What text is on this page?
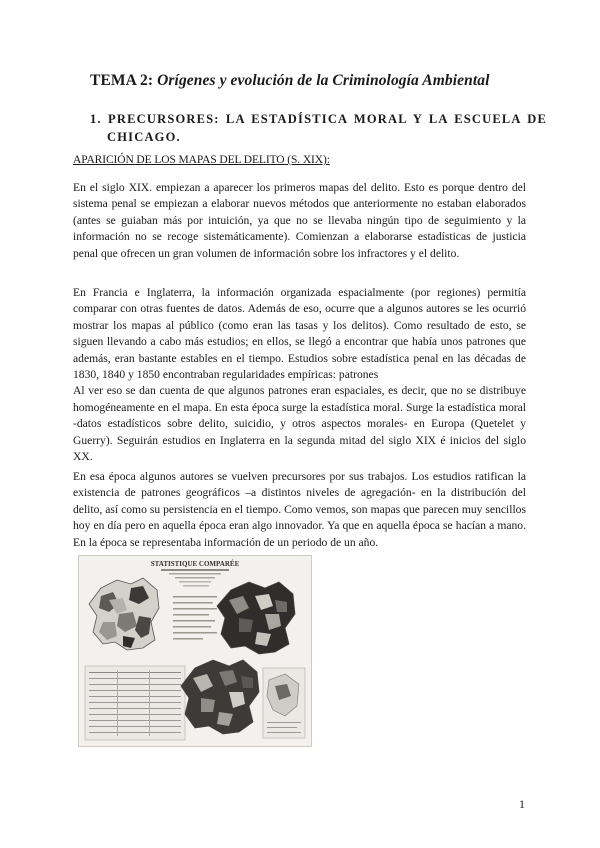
TEMA 2: Orígenes y evolución de la Criminología Ambiental
1. PRECURSORES: LA ESTADÍSTICA MORAL Y LA ESCUELA DE CHICAGO.
APARICIÓN DE LOS MAPAS DEL DELITO (S. XIX):

En el siglo XIX. empiezan a aparecer los primeros mapas del delito. Esto es porque dentro del sistema penal se empiezan a elaborar nuevos métodos que anteriormente no estaban elaborados (antes se guiaban más por intuición, ya que no se llevaba ningún tipo de seguimiento y la información no se recoge sistemáticamente). Comienzan a elaborarse estadísticas de justicia penal que ofrecen un gran volumen de información sobre los infractores y el delito.

En Francia e Inglaterra, la información organizada espacialmente (por regiones) permitía comparar con otras fuentes de datos. Además de eso, ocurre que a algunos autores se les ocurrió mostrar los mapas al público (como eran las tasas y los delitos). Como resultado de esto, se siguen llevando a cabo más estudios; en ellos, se llegó a encontrar que había unos patrones que además, eran bastante estables en el tiempo. Estudios sobre estadística penal en las décadas de 1830, 1840 y 1850 encontraban regularidades empíricas: patrones
Al ver eso se dan cuenta de que algunos patrones eran espaciales, es decir, que no se distribuye homogéneamente en el mapa. En esta época surge la estadística moral. Surge la estadística moral -datos estadísticos sobre delito, suicidio, y otros aspectos morales- en Europa (Quetelet y Guerry). Seguirán estudios en Inglaterra en la segunda mitad del siglo XIX é inicios del siglo XX.

En esa época algunos autores se vuelven precursores por sus trabajos. Los estudios ratifican la existencia de patrones geográficos –a distintos niveles de agregación- en la distribución del delito, así como su persistencia en el tiempo. Como vemos, son mapas que parecen muy sencillos hoy en día pero en aquella época eran algo innovador. Ya que en aquella época se hacían a mano. En la época se representaba información de un periodo de un año.

STATISTIQUE COMPARÉE
1
